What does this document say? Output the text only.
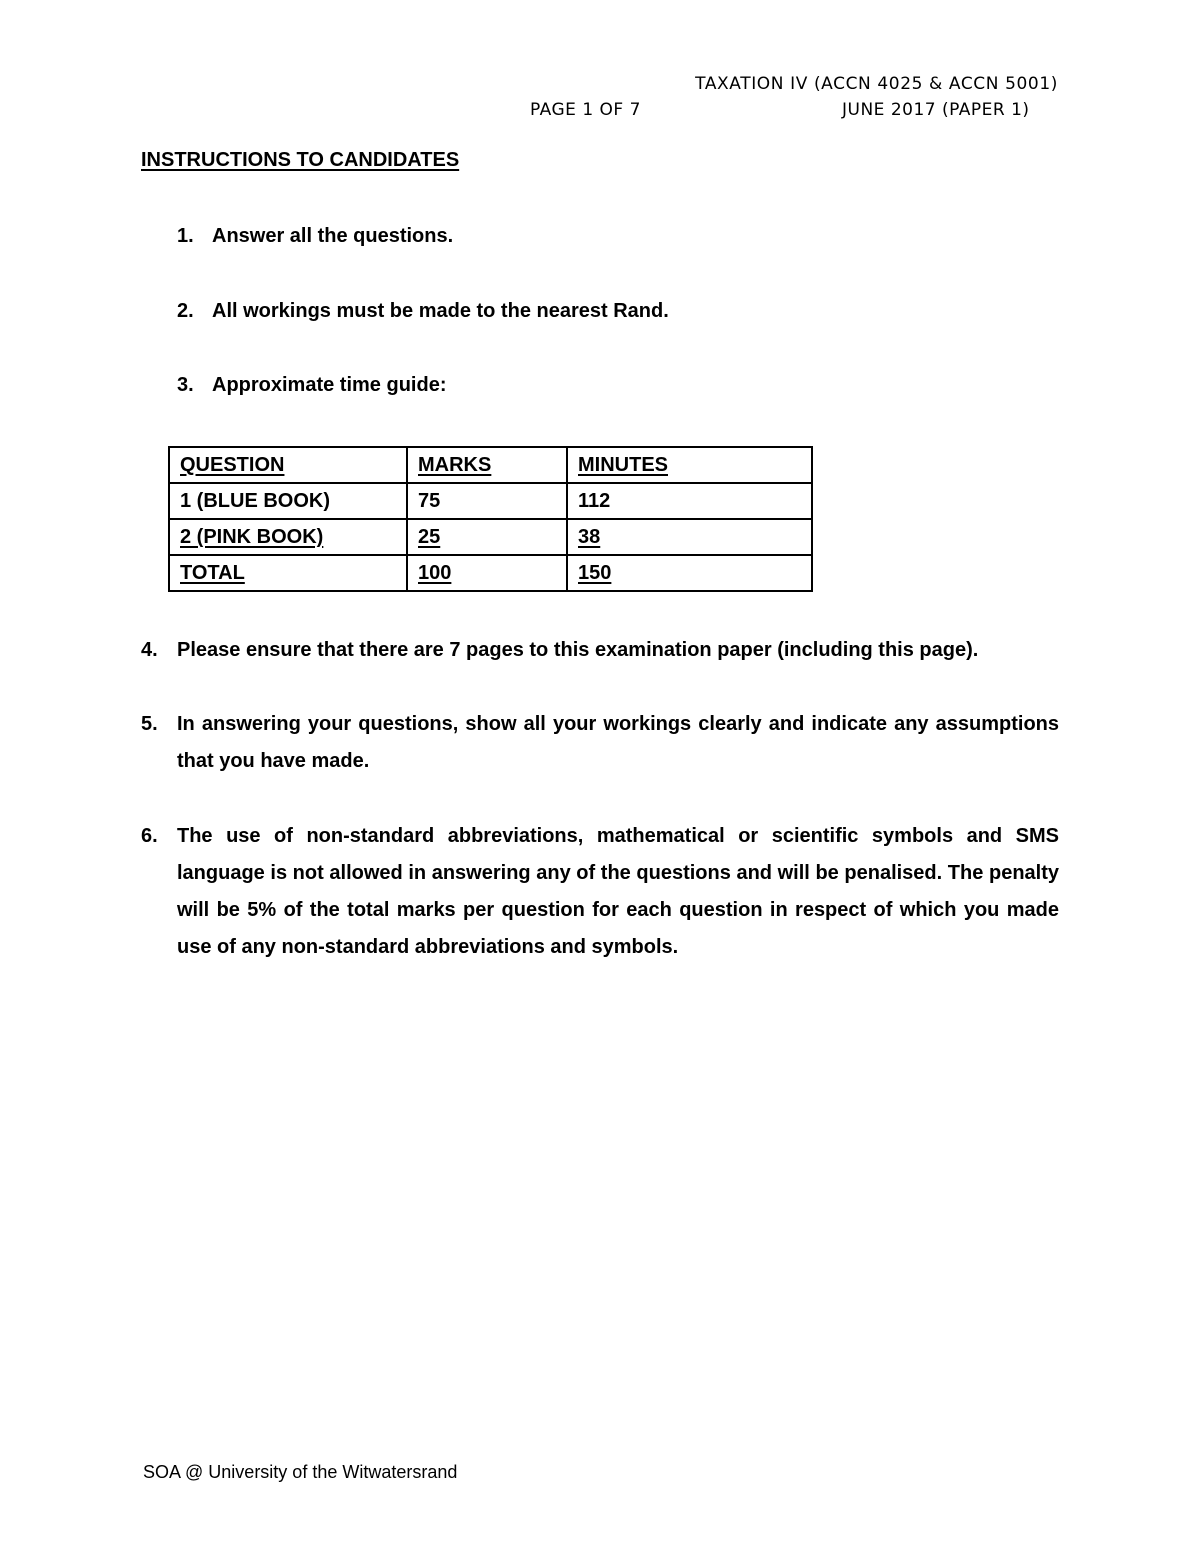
TAXATION IV (ACCN 4025 & ACCN 5001)
PAGE 1 OF 7	JUNE 2017 (PAPER 1)
INSTRUCTIONS TO CANDIDATES
1. Answer all the questions.
2. All workings must be made to the nearest Rand.
3. Approximate time guide:
QUESTION	MARKS	MINUTES
1 (BLUE BOOK)	75	112
2 (PINK BOOK)	25	38
TOTAL	100	150
4. Please ensure that there are 7 pages to this examination paper (including this page).
5. In answering your questions, show all your workings clearly and indicate any assumptions that you have made.
6. The use of non-standard abbreviations, mathematical or scientific symbols and SMS language is not allowed in answering any of the questions and will be penalised. The penalty will be 5% of the total marks per question for each question in respect of which you made use of any non-standard abbreviations and symbols.
SOA @ University of the Witwatersrand
